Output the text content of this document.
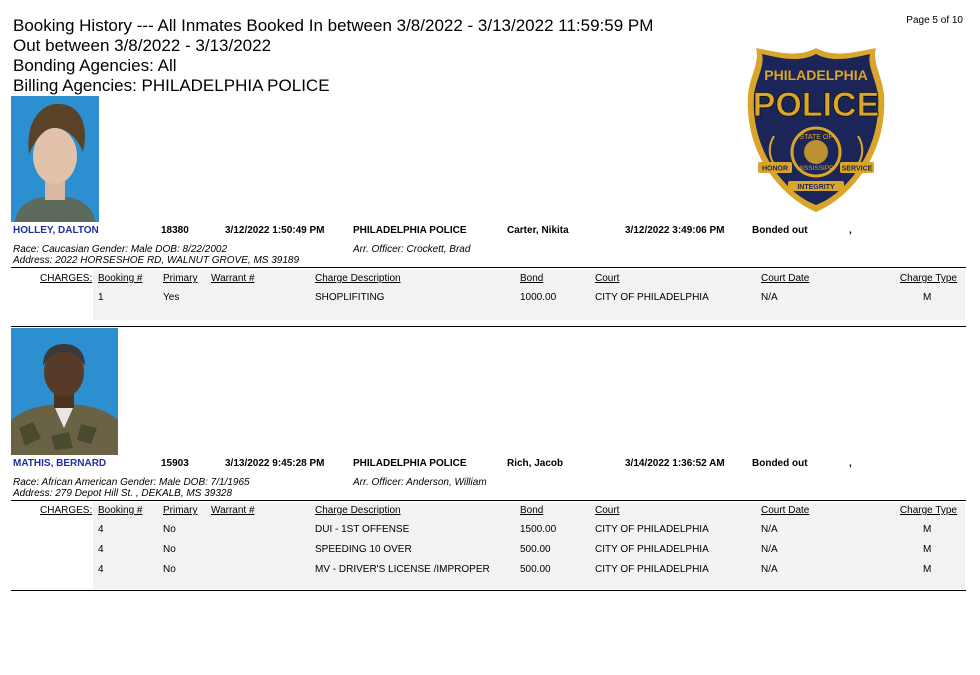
Booking History --- All Inmates Booked In between 3/8/2022 - 3/13/2022 11:59:59 PM
Out between 3/8/2022 - 3/13/2022
Bonding Agencies: All
Billing Agencies: PHILADELPHIA POLICE
Page 5 of 10
PHILADELPHIA
POLICE
STATE OF
MISSISSIPPI
HONOR	SERVICE
INTEGRITY
HOLLEY, DALTON	18380	3/12/2022 1:50:49 PM	PHILADELPHIA POLICE	Carter, Nikita	3/12/2022 3:49:06 PM	Bonded out	,
Race: Caucasian Gender: Male DOB: 8/22/2002
Address: 2022 HORSESHOE RD, WALNUT GROVE, MS 39189
Arr. Officer: Crockett, Brad
CHARGES: Booking # Primary Warrant #	Charge Description	Bond	Court	Court Date	Charge Type
1	Yes	SHOPLIFITING	1000.00	CITY OF PHILADELPHIA	N/A	M
MATHIS, BERNARD	15903	3/13/2022 9:45:28 PM	PHILADELPHIA POLICE	Rich, Jacob	3/14/2022 1:36:52 AM	Bonded out	,
Race: African American Gender: Male DOB: 7/1/1965
Address: 279 Depot Hill St. , DEKALB, MS 39328
Arr. Officer: Anderson, William
CHARGES: Booking # Primary Warrant #	Charge Description	Bond	Court	Court Date	Charge Type
4	No	DUI - 1ST OFFENSE	1500.00	CITY OF PHILADELPHIA	N/A	M
4	No	SPEEDING 10 OVER	500.00	CITY OF PHILADELPHIA	N/A	M
4	No	MV - DRIVER'S LICENSE /IMPROPER	500.00	CITY OF PHILADELPHIA	N/A	M
